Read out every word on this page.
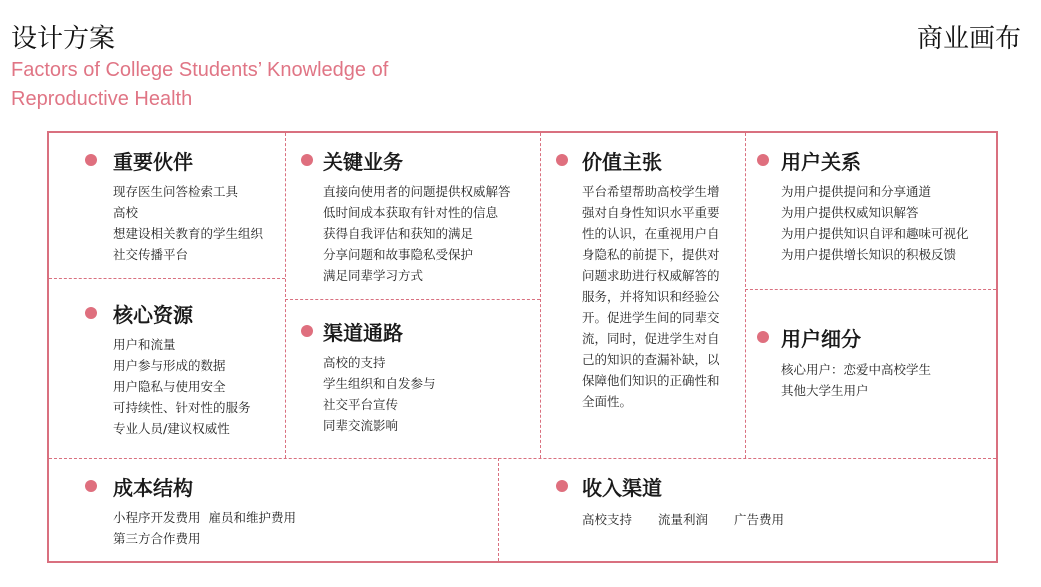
设计方案	商业画布
Factors of College Students’ Knowledge of Reproductive Health
重要伙伴
现存医生问答检索工具
高校
想建设相关教育的学生组织
社交传播平台
核心资源
用户和流量
用户参与形成的数据
用户隐私与使用安全
可持续性、针对性的服务
专业人员/建议权威性
关键业务
直接向使用者的问题提供权威解答
低时间成本获取有针对性的信息
获得自我评估和获知的满足
分享问题和故事隐私受保护
满足同辈学习方式
渠道通路
高校的支持
学生组织和自发参与
社交平台宣传
同辈交流影响
价值主张
平台希望帮助高校学生增
强对自身性知识水平重要
性的认识，在重视用户自
身隐私的前提下，提供对
问题求助进行权威解答的
服务，并将知识和经验公
开。促进学生间的同辈交
流，同时，促进学生对自
己的知识的查漏补缺，以
保障他们知识的正确性和
全面性。
用户关系
为用户提供提问和分享通道
为用户提供权威知识解答
为用户提供知识自评和趣味可视化
为用户提供增长知识的积极反馈
用户细分
核心用户：恋爱中高校学生
其他大学生用户
成本结构
小程序开发费用  雇员和维护费用
第三方合作费用
收入渠道
高校支持 流量利润 广告费用
